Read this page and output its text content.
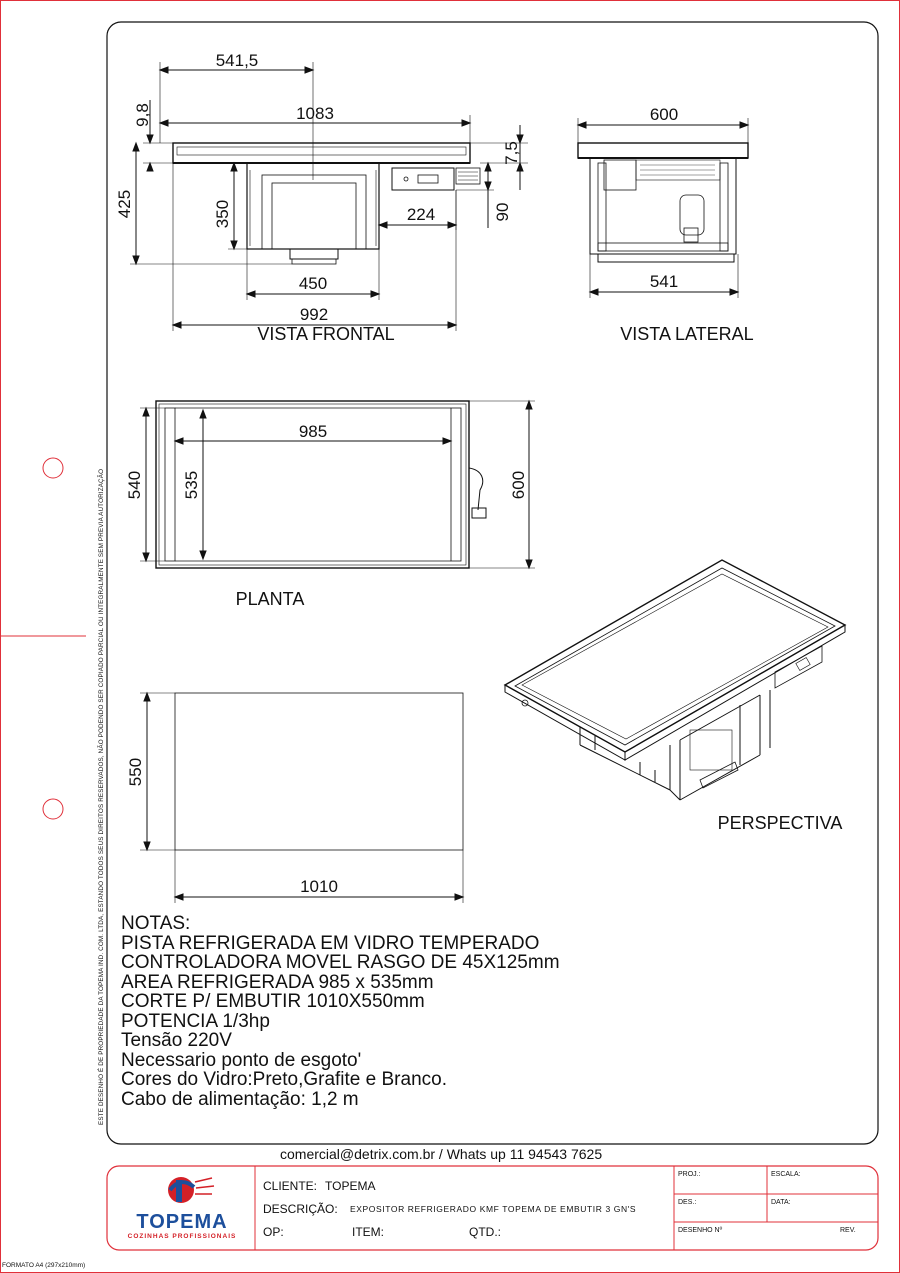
541,5
1083
9,8
7,5
425	350	224	90
450
992
VISTA FRONTAL
600
541
VISTA LATERAL
985
540 535	600
PLANTA
550
1010
PERSPECTIVA
NOTAS:
PISTA REFRIGERADA EM VIDRO TEMPERADO
CONTROLADORA MOVEL RASGO DE 45X125mm
AREA REFRIGERADA 985 x 535mm
CORTE P/ EMBUTIR 1010X550mm
POTENCIA 1/3hp
Tensão 220V
Necessario ponto de esgoto'
Cores do Vidro:Preto,Grafite e Branco.
Cabo de alimentação: 1,2 m
ESTE DESENHO É DE PROPRIEDADE DA TOPEMA IND. COM. LTDA, ESTANDO TODOS SEUS DIREITOS RESERVADOS, NÃO PODENDO SER COPIADO PARCIAL OU INTEGRALMENTE SEM PREVIA AUTORIZAÇÃO
comercial@detrix.com.br / Whats up 11 94543 7625
TOPEMA
COZINHAS PROFISSIONAIS
CLIENTE: TOPEMA
DESCRIÇÃO: EXPOSITOR REFRIGERADO KMF TOPEMA DE EMBUTIR 3 GN'S
OP:	ITEM:	QTD.:
PROJ.:	ESCALA:
DES.:	DATA:
DESENHO Nº	REV.
FORMATO A4 (297x210mm)
